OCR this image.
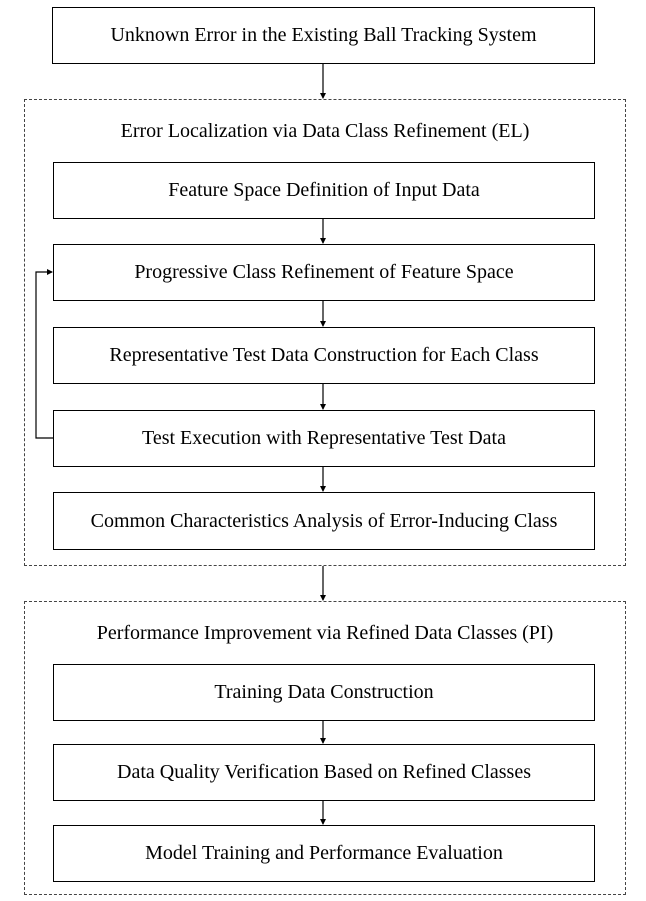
Unknown Error in the Existing Ball Tracking System
Error Localization via Data Class Refinement (EL)
Feature Space Definition of Input Data
Progressive Class Refinement of Feature Space
Representative Test Data Construction for Each Class
Test Execution with Representative Test Data
Common Characteristics Analysis of Error-Inducing Class
Performance Improvement via Refined Data Classes (PI)
Training Data Construction
Data Quality Verification Based on Refined Classes
Model Training and Performance Evaluation
